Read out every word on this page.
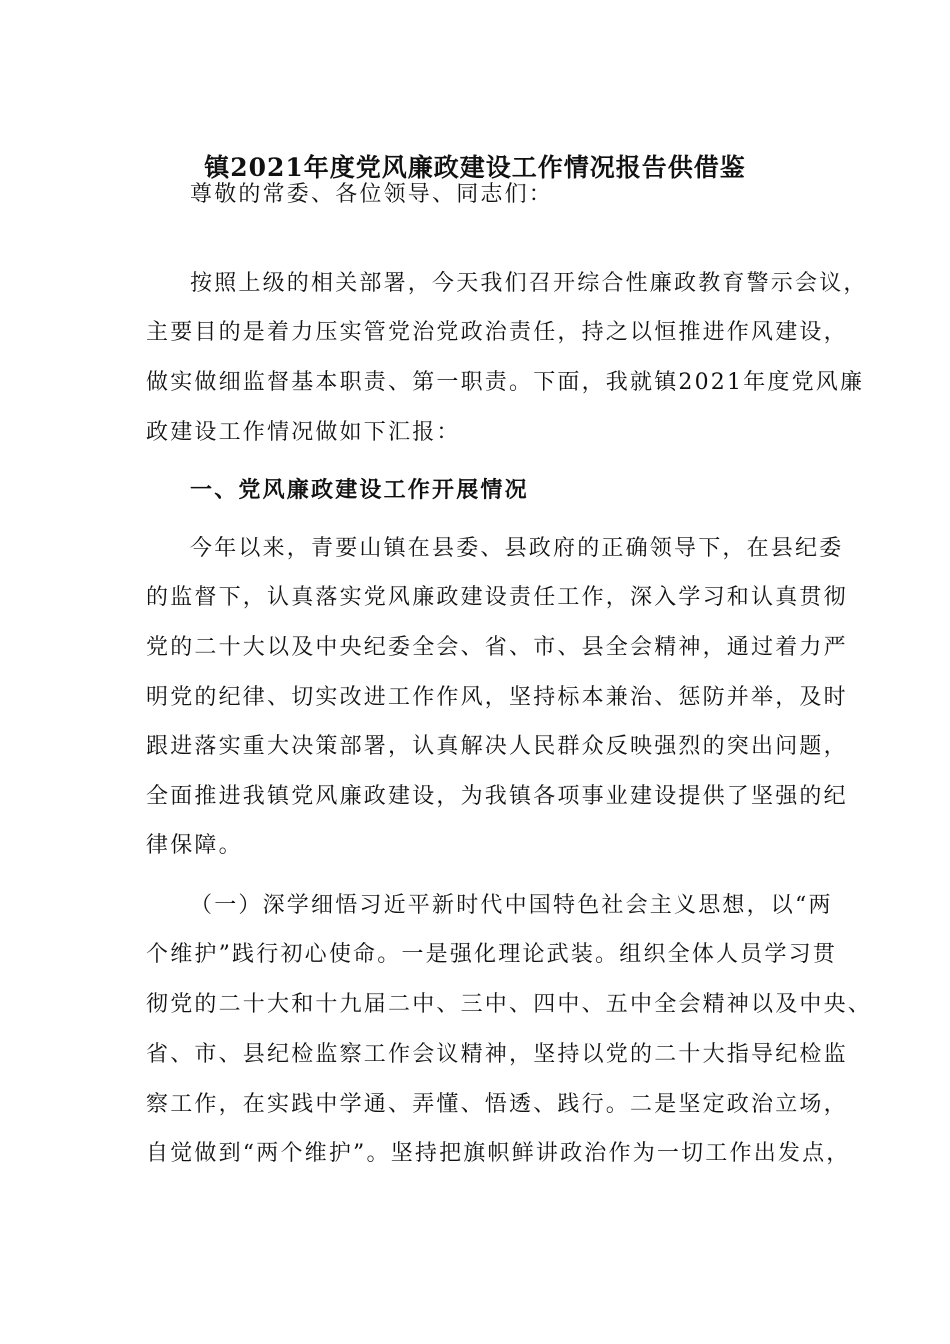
镇2021年度党风廉政建设工作情况报告供借鉴

尊敬的常委、各位领导、同志们：

按照上级的相关部署，今天我们召开综合性廉政教育警示会议，

主要目的是着力压实管党治党政治责任，持之以恒推进作风建设，

做实做细监督基本职责、第一职责。下面，我就镇2021年度党风廉

政建设工作情况做如下汇报：

一、党风廉政建设工作开展情况

今年以来，青要山镇在县委、县政府的正确领导下，在县纪委

的监督下，认真落实党风廉政建设责任工作，深入学习和认真贯彻

党的二十大以及中央纪委全会、省、市、县全会精神，通过着力严

明党的纪律、切实改进工作作风，坚持标本兼治、惩防并举，及时

跟进落实重大决策部署，认真解决人民群众反映强烈的突出问题，

全面推进我镇党风廉政建设，为我镇各项事业建设提供了坚强的纪

律保障。

（一）深学细悟习近平新时代中国特色社会主义思想，以“两

个维护”践行初心使命。一是强化理论武装。组织全体人员学习贯

彻党的二十大和十九届二中、三中、四中、五中全会精神以及中央、

省、市、县纪检监察工作会议精神，坚持以党的二十大指导纪检监

察工作，在实践中学通、弄懂、悟透、践行。二是坚定政治立场，

自觉做到“两个维护”。坚持把旗帜鲜讲政治作为一切工作出发点，
